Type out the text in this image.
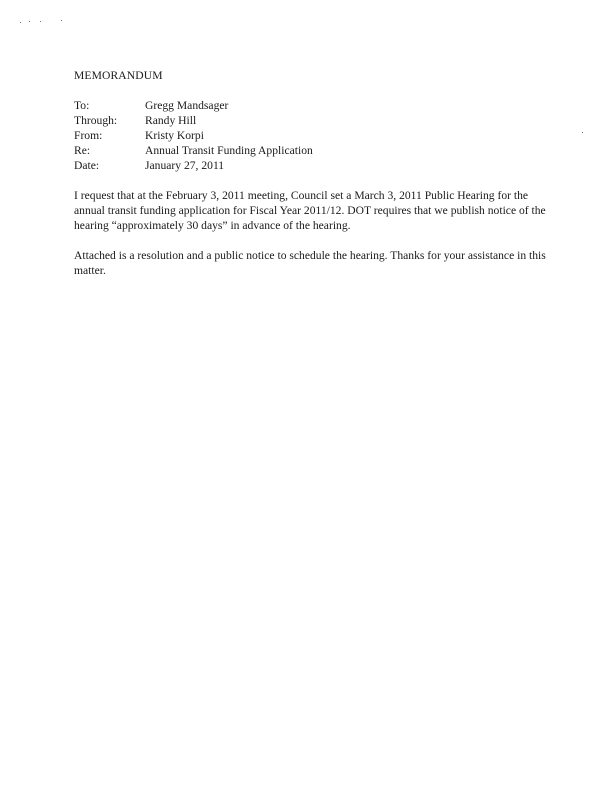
MEMORANDUM
To:	Gregg Mandsager
Through:	Randy Hill
From:	Kristy Korpi
Re:	Annual Transit Funding Application
Date:	January 27, 2011

I request that at the February 3, 2011 meeting, Council set a March 3, 2011 Public Hearing for the annual transit funding application for Fiscal Year 2011/12. DOT requires that we publish notice of the hearing “approximately 30 days” in advance of the hearing.

Attached is a resolution and a public notice to schedule the hearing. Thanks for your assistance in this matter.
